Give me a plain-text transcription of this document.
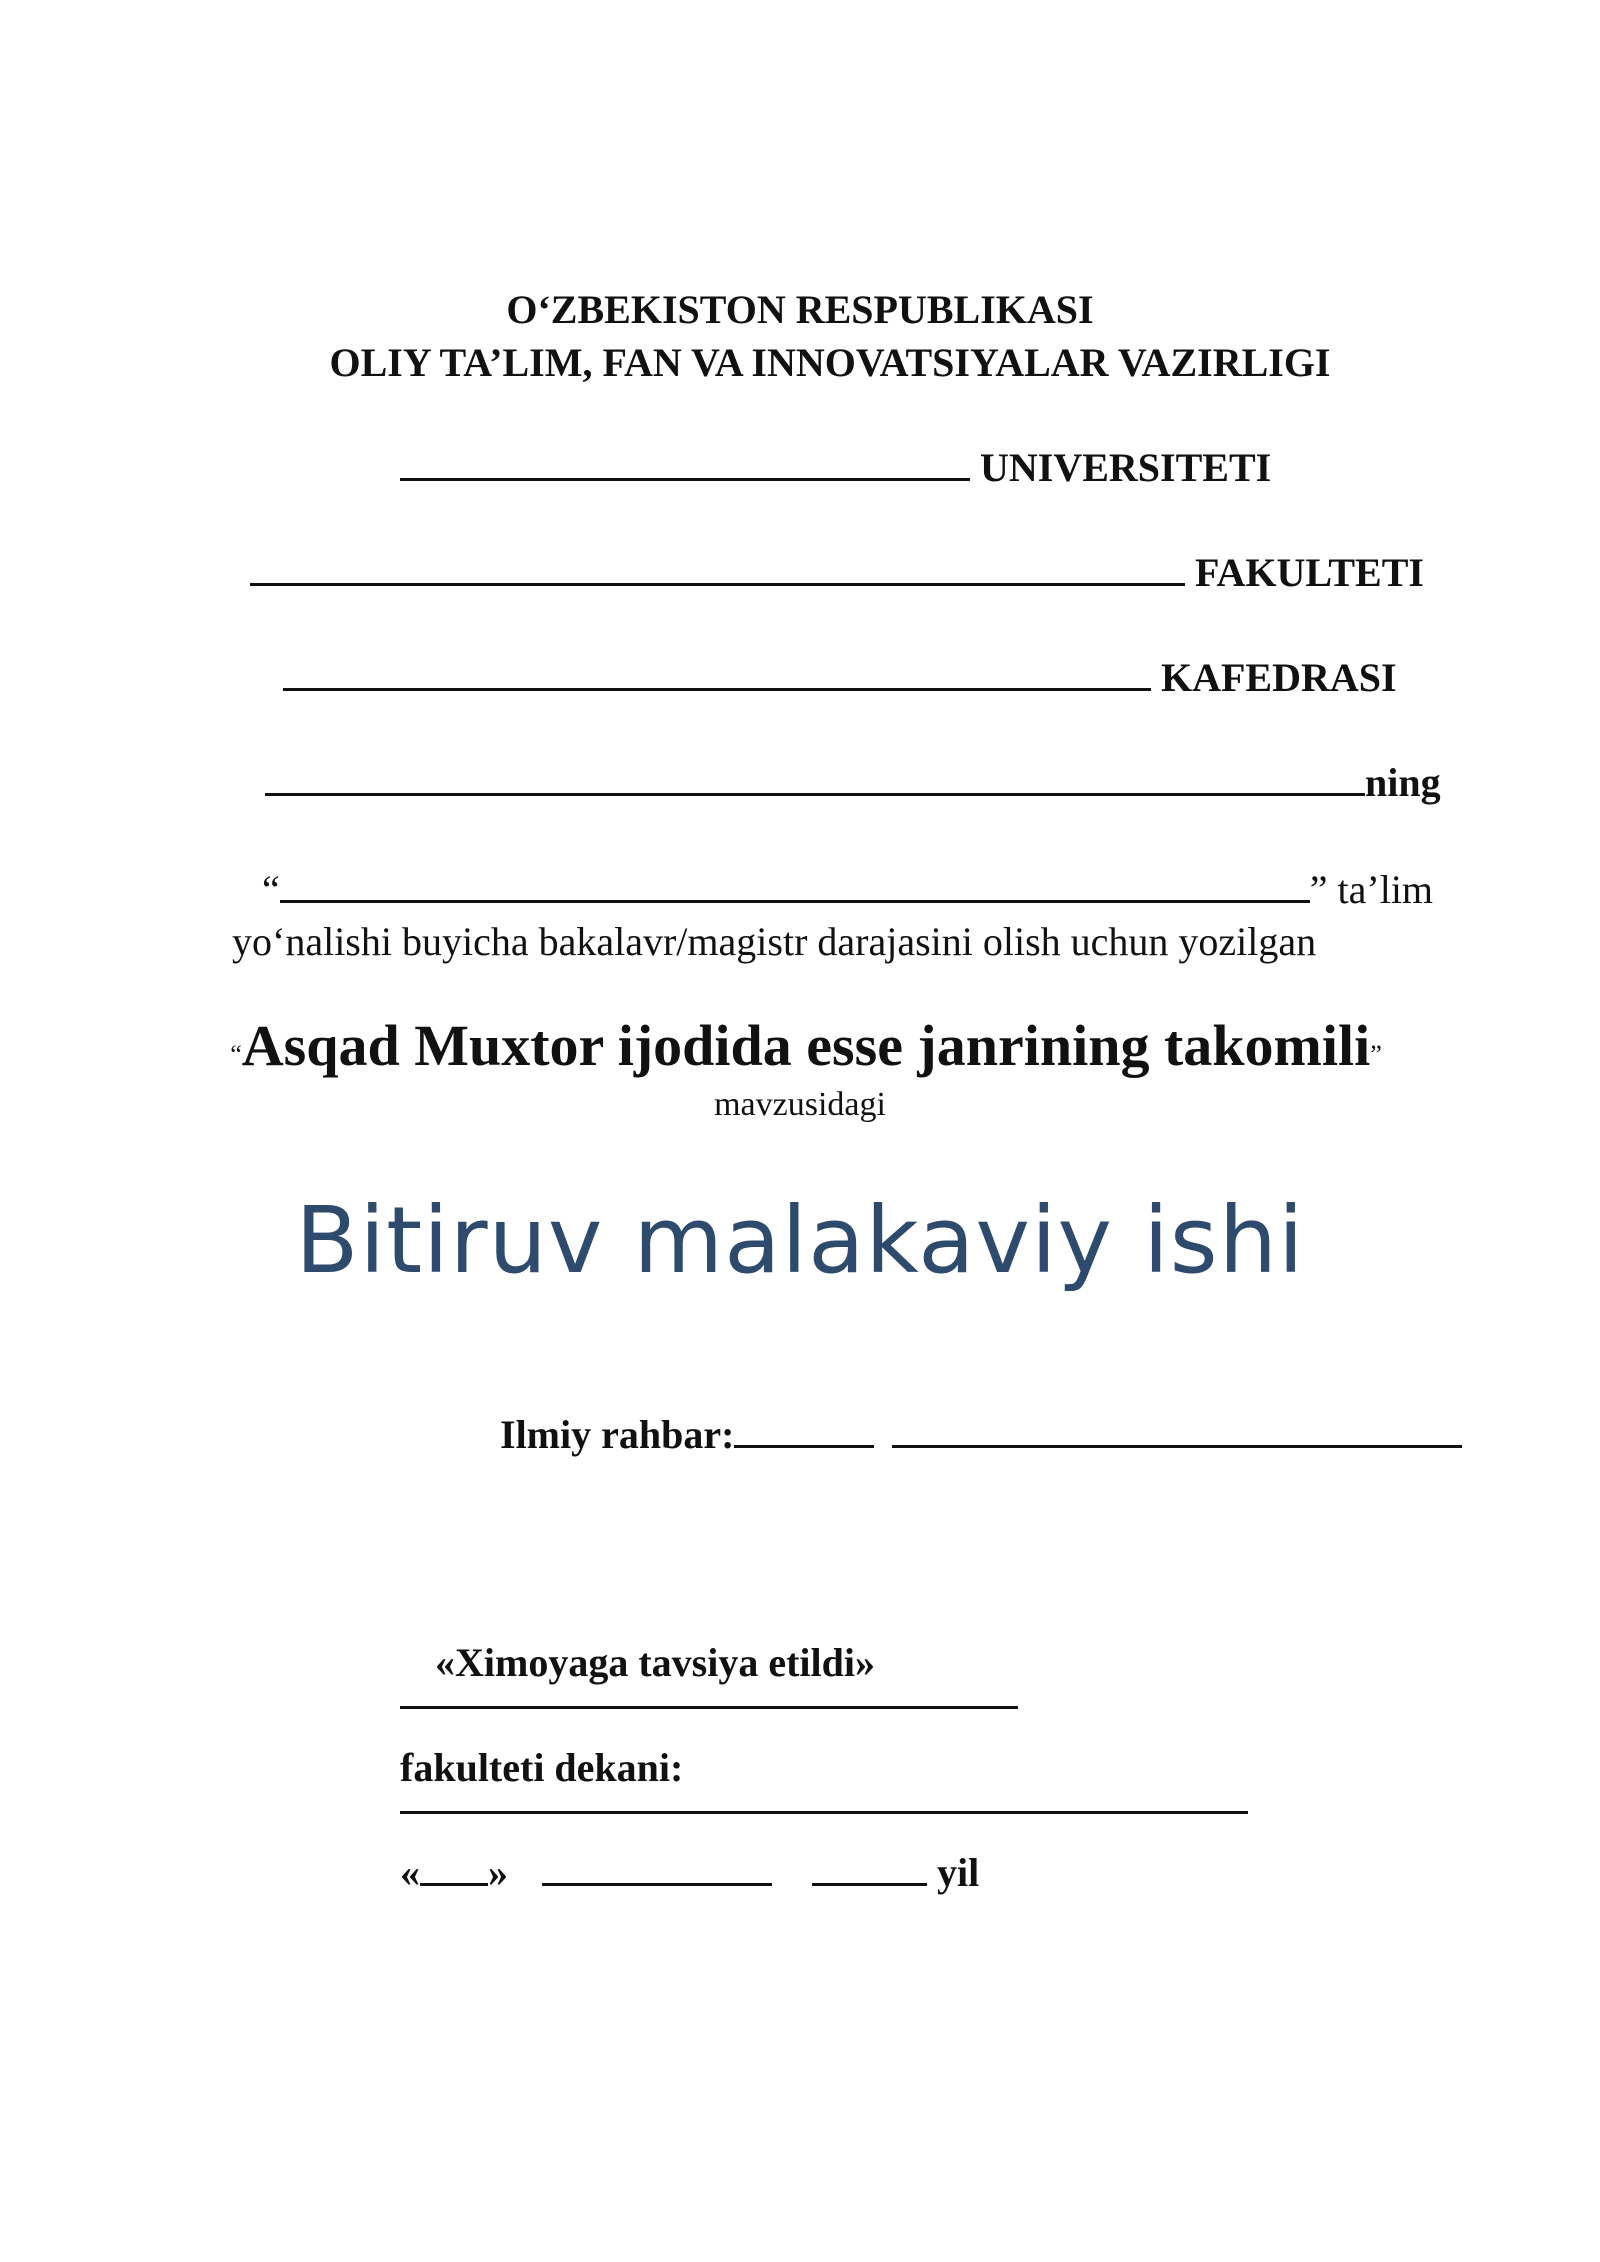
O‘ZBEKISTON RESPUBLIKASI
OLIY TA’LIM, FAN VA INNOVATSIYALAR VAZIRLIGI
UNIVERSITETI
FAKULTETI
KAFEDRASI
ning
“	” ta’lim
yo‘nalishi buyicha bakalavr/magistr darajasini olish uchun yozilgan
“Asqad Muxtor ijodida esse janrining takomili”
mavzusidagi
Bitiruv malakaviy ishi
Ilmiy rahbar:
«Ximoyaga tavsiya etildi»
fakulteti dekani:
« »	yil
